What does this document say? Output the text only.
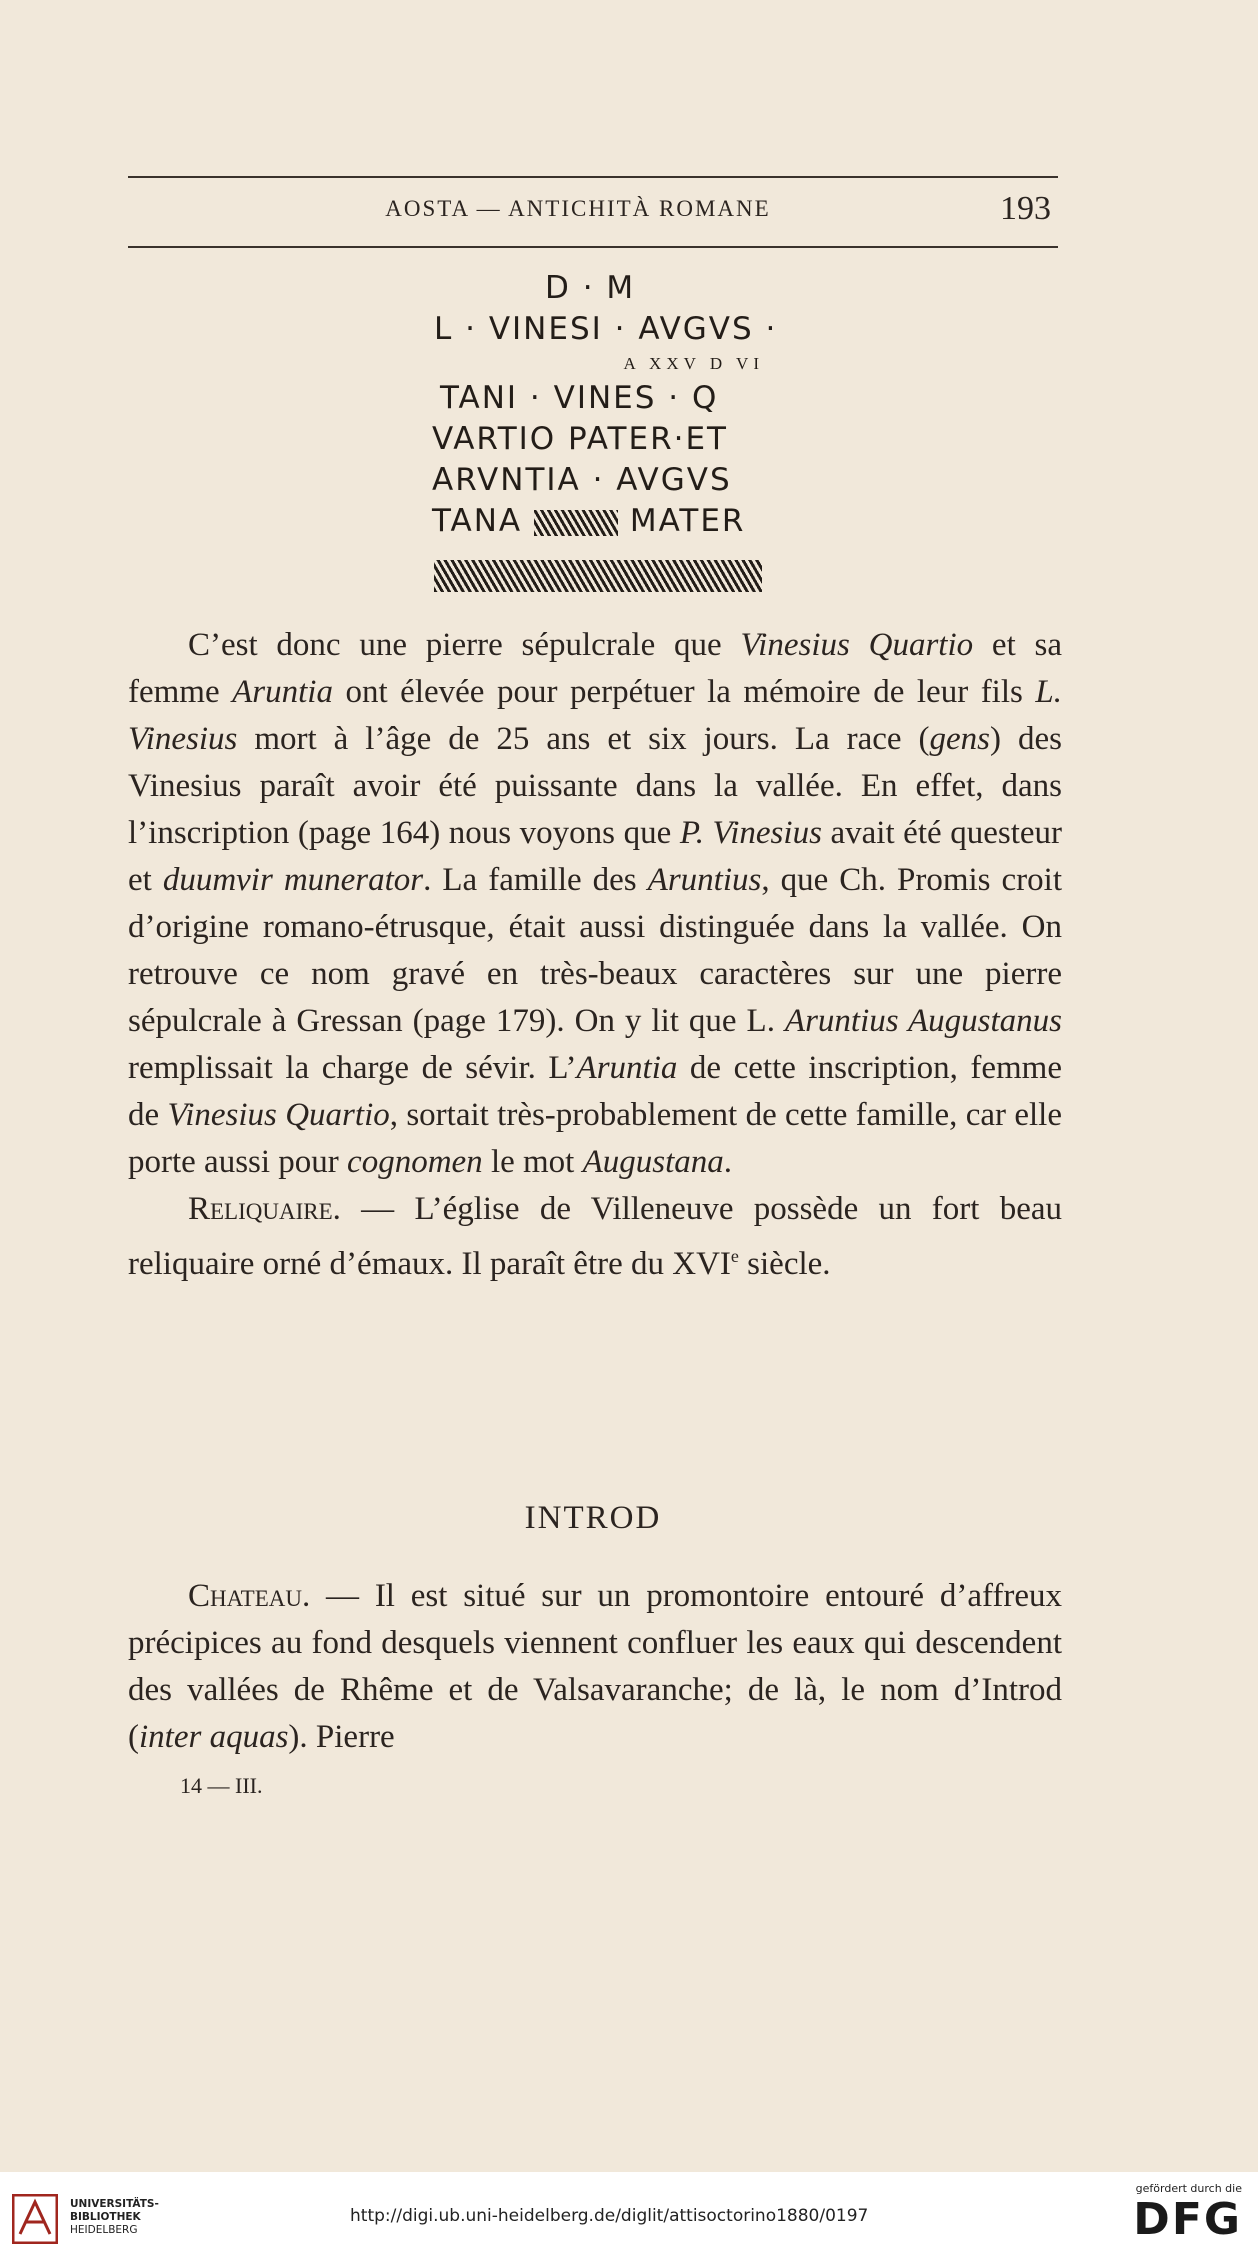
AOSTA — ANTICHITÀ ROMANE	193
D · M
L · VINESI · AVGVS ·
A XXV D VI
TANI · VINES · Q
VARTIO PATER·ET
ARVNTIA · AVGVS
TANA	MATER
C’est donc une pierre sépulcrale que Vinesius Quartio et sa femme Aruntia ont élevée pour perpétuer la mémoire de leur fils L. Vinesius mort à l’âge de 25 ans et six jours. La race (gens) des Vinesius paraît avoir été puissante dans la vallée. En effet, dans l’inscription (page 164) nous voyons que P. Vinesius avait été questeur et duumvir munerator. La famille des Aruntius, que Ch. Promis croit d’origine romano-étrusque, était aussi distinguée dans la vallée. On retrouve ce nom gravé en très-beaux caractères sur une pierre sépulcrale à Gressan (page 179). On y lit que L. Aruntius Augustanus remplissait la charge de sévir. L’Aruntia de cette inscription, femme de Vinesius Quartio, sortait très-probablement de cette famille, car elle porte aussi pour cognomen le mot Augustana.
Reliquaire. — L’église de Villeneuve possède un fort beau reliquaire orné d’émaux. Il paraît être du XVIe siècle.
INTROD
Chateau. — Il est situé sur un promontoire entouré d’affreux précipices au fond desquels viennent confluer les eaux qui descendent des vallées de Rhême et de Valsavaranche; de là, le nom d’Introd (inter aquas). Pierre
14 — III.
UNIVERSITÄTS-
BIBLIOTHEK
HEIDELBERG
http://digi.ub.uni-heidelberg.de/diglit/attisoctorino1880/0197
gefördert durch die
DFG
